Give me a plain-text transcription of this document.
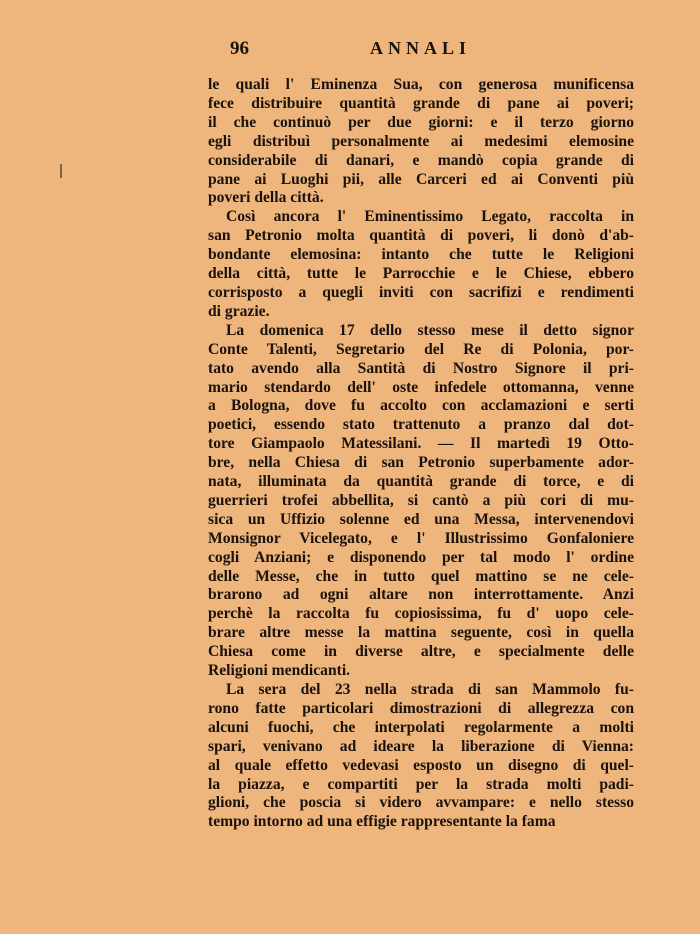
96	ANNALI
le quali l' Eminenza Sua, con generosa munificensa
fece distribuire quantità grande di pane ai poveri;
il che continuò per due giorni: e il terzo giorno
egli distribuì personalmente ai medesimi elemosine
considerabile di danari, e mandò copia grande di
pane ai Luoghi pii, alle Carceri ed ai Conventi più
poveri della città.
Così ancora l' Eminentissimo Legato, raccolta in
san Petronio molta quantità di poveri, li donò d'ab-
bondante elemosina: intanto che tutte le Religioni
della città, tutte le Parrocchie e le Chiese, ebbero
corrisposto a quegli inviti con sacrifizi e rendimenti
di grazie.
La domenica 17 dello stesso mese il detto signor
Conte Talenti, Segretario del Re di Polonia, por-
tato avendo alla Santità di Nostro Signore il pri-
mario stendardo dell' oste infedele ottomanna, venne
a Bologna, dove fu accolto con acclamazioni e serti
poetici, essendo stato trattenuto a pranzo dal dot-
tore Giampaolo Matessilani. — Il martedì 19 Otto-
bre, nella Chiesa di san Petronio superbamente ador-
nata, illuminata da quantità grande di torce, e di
guerrieri trofei abbellita, si cantò a più cori di mu-
sica un Uffizio solenne ed una Messa, intervenendovi
Monsignor Vicelegato, e l' Illustrissimo Gonfaloniere
cogli Anziani; e disponendo per tal modo l' ordine
delle Messe, che in tutto quel mattino se ne cele-
brarono ad ogni altare non interrottamente. Anzi
perchè la raccolta fu copiosissima, fu d' uopo cele-
brare altre messe la mattina seguente, così in quella
Chiesa come in diverse altre, e specialmente delle
Religioni mendicanti.
La sera del 23 nella strada di san Mammolo fu-
rono fatte particolari dimostrazioni di allegrezza con
alcuni fuochi, che interpolati regolarmente a molti
spari, venivano ad ideare la liberazione di Vienna:
al quale effetto vedevasi esposto un disegno di quel-
la piazza, e compartiti per la strada molti padi-
glioni, che poscia si videro avvampare: e nello stesso
tempo intorno ad una effigie rappresentante la fama
